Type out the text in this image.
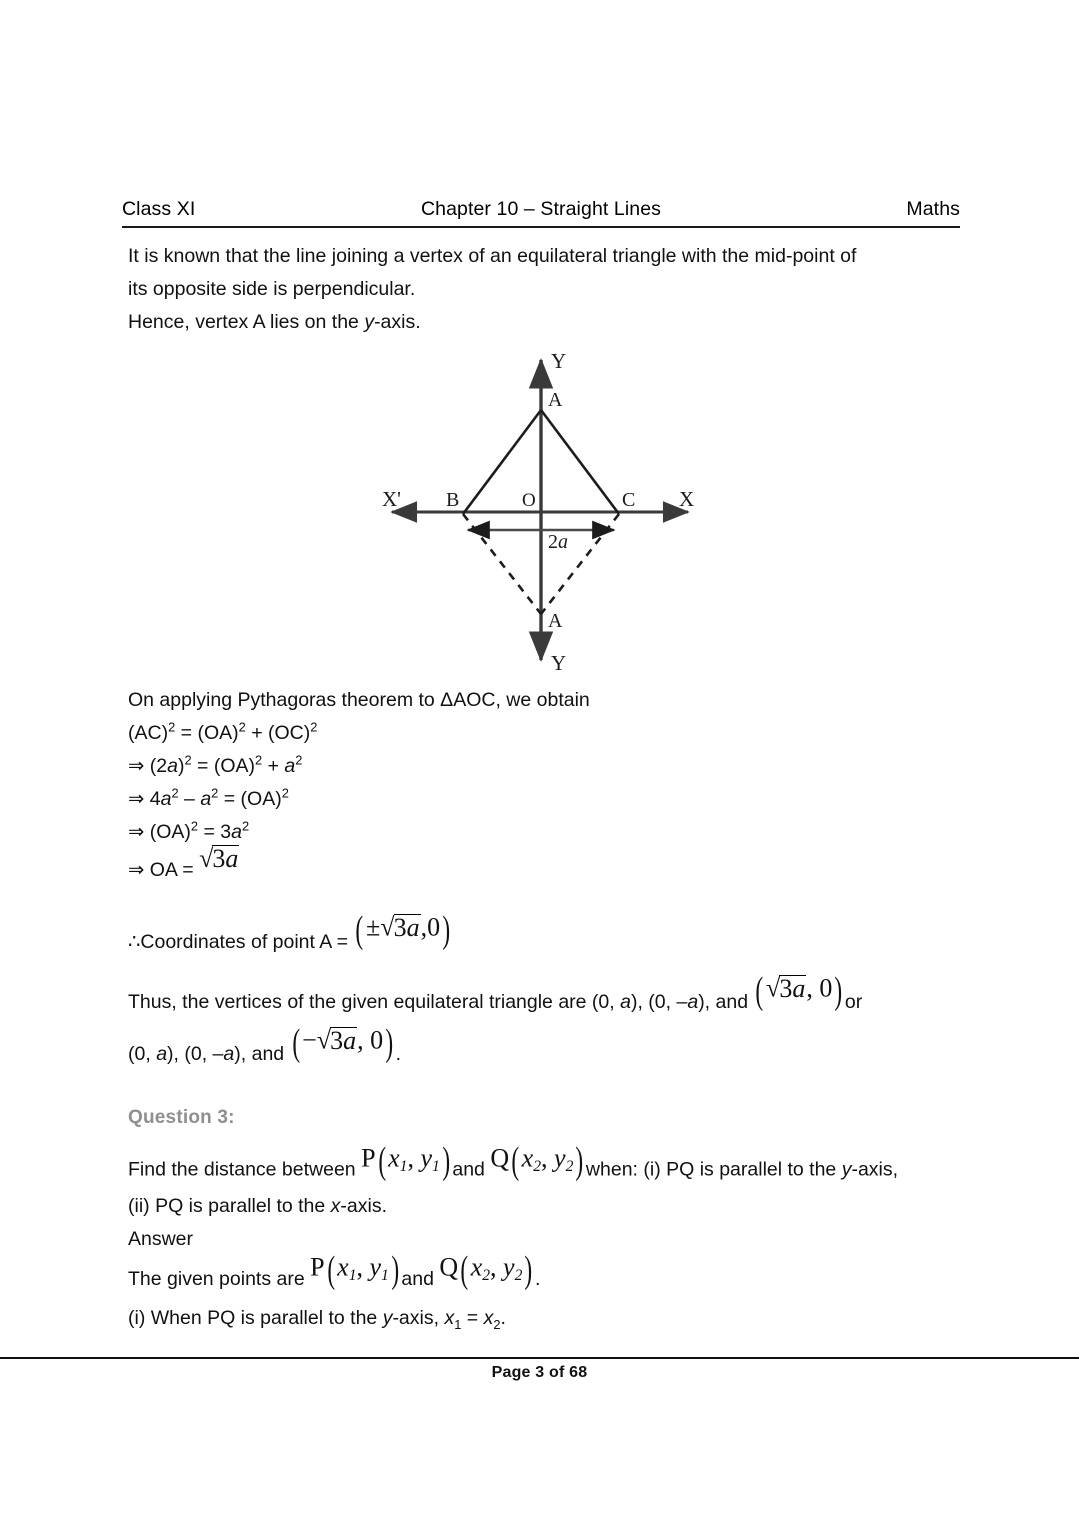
Class XI	Chapter 10 – Straight Lines	Maths
It is known that the line joining a vertex of an equilateral triangle with the mid-point of
its opposite side is perpendicular.
Hence, vertex A lies on the y-axis.
Y
Y
X
X'
A
A
B	C
O
2a
On applying Pythagoras theorem to ΔAOC, we obtain
(AC)$^2$ = (OA)$^2$ + (OC)$^2$
⇒ $(2a)^2 = (OA)^2 + a^2$
⇒ $4a^2 - a^2 = (OA)^2$
⇒ $(OA)^2 = 3a^2$
⇒ OA = √3a
∴Coordinates of point A = (±√3a,0)
Thus, the vertices of the given equilateral triangle are (0, a), (0, –a), and (√3a, 0) or
(0, a), (0, –a), and (−√3a, 0) .
Question 3:
Find the distance between $P(x_1$, $y_1$) and $Q(x_2$, $y_2$) when: (i) PQ is parallel to the y-axis,
(ii) PQ is parallel to the x-axis.
Answer
The given points are $P(x_1$, $y_1$) and $Q(x_2$, $y_2$) .
(i) When PQ is parallel to the y-axis, $x_1 = x_2$.
Page 3 of 68
